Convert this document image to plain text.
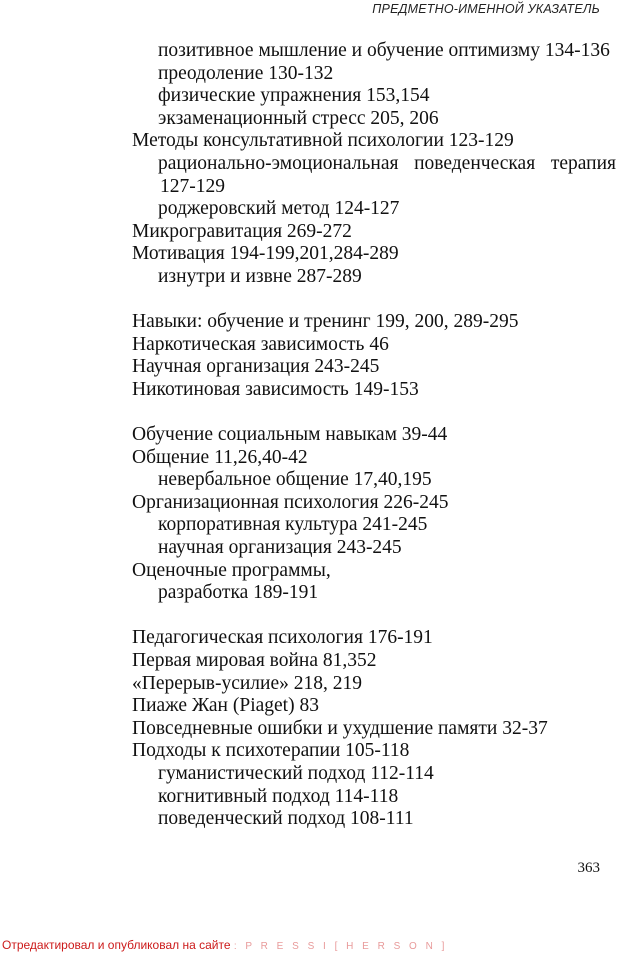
ПРЕДМЕТНО-ИМЕННОЙ УКАЗАТЕЛЬ
позитивное мышление и обучение оптимизму 134-136
преодоление 130-132
физические упражнения 153,154
экзаменационный стресс 205, 206
Методы консультативной психологии 123-129
рационально-эмоциональная поведенческая терапия
127-129
роджеровский метод 124-127
Микрогравитация 269-272
Мотивация 194-199,201,284-289
изнутри и извне 287-289
Навыки: обучение и тренинг 199, 200, 289-295
Наркотическая зависимость 46
Научная организация 243-245
Никотиновая зависимость 149-153
Обучение социальным навыкам 39-44
Общение 11,26,40-42
невербальное общение 17,40,195
Организационная психология 226-245
корпоративная культура 241-245
научная организация 243-245
Оценочные программы,
разработка 189-191
Педагогическая психология 176-191
Первая мировая война 81,352
«Перерыв-усилие» 218, 219
Пиаже Жан (Piaget) 83
Повседневные ошибки и ухудшение памяти 32-37
Подходы к психотерапии 105-118
гуманистический подход 112-114
когнитивный подход 114-118
поведенческий подход 108-111
363
Отредактировал и опубликовал на сайте : P R E S S I [ H E R S O N ]
